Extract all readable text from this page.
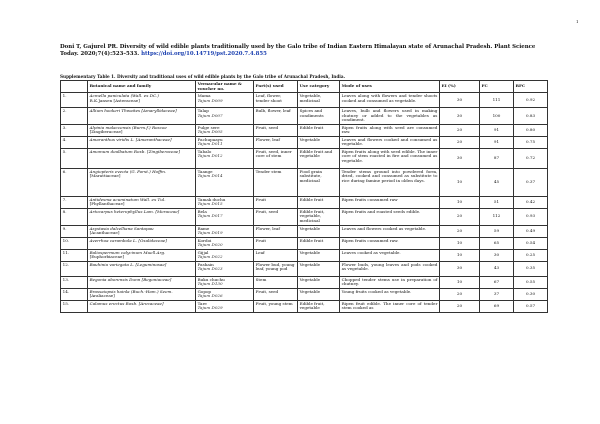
1
Doni T, Gajurel PR. Diversity of wild edible plants traditionally used by the Galo tribe of Indian Eastern Himalayan state of Arunachal Pradesh. Plant Science Today. 2020;7(4):523–533. https://doi.org/10.14719/pst.2020.7.4.855
Supplementary Table 1. Diversity and traditional uses of wild edible plants by the Galo tribe of Arunachal Pradesh, India.
	Botanical name and family	Vernacular name & voucher no.	Part(s) used	Use category	Mode of uses	EI (%)	FC	RFC
1.	Acmella paniculata (Wall. ex DC.)
R.K.Jansen [Asteraceae]	Mama
Tajum D009	Leaf, flower, tender shoot	Vegetable, medicinal	Leaves along with flowers and tender shoots cooked and consumed as vegetable.	30	111	0.92
2.	Allium hookeri Thwaites [Amaryllidaceae]	Talap
Tajum D007	Bulb, flower, leaf	Spices and condiments	Leaves, bulb and flowers used in making chutney or added to the vegetables as condiment.	30	100	0.83
3.	Alpinia malaccensis (Burm.f.) Roscoe
[Zingiberaceae]	Pulge sere
Tajum D005	Fruit, seed	Edible fruit	Ripen fruits along with seed are consumed raw.	20	91	0.80
4.	Amaranthus viridis L. [Amaranthaceae]	Pachupaayu
Tajum D011	Flower, leaf	Vegetable	Leaves and flowers cooked and consumed as vegetable.	20	91	0.75
5.	Amomum dealbatum Roxb. [Zingiberaceae]	Tabalo
Tajum D012	Fruit, seed, inner core of stem	Edible fruit and vegetable	Ripen fruits along with seed edible. The inner core of stem roasted in fire and consumed as vegetable.	30	87	0.72
6.	Angiopteris evecta (G. Forst.) Hoffm.
[Marattiaceae]	Taange
Tajum D014	Tender stem	Food grain substitute, medicinal	Tender stems ground into powdered form, dried, cooked and consumed as substitute to rice during famine period in olden days.	10	45	0.37
7.	Antidesma acuminatum Wall. ex Tul.
[Phyllanthaceae]	Tamak duchu
Tajum D015	Fruit	Edible fruit	Ripen fruits consumed raw	10	51	0.42
8.	Artocarpus heterophyllus Lam. [Moraceae]	Bela
Tajum D017	Fruit, seed	Edible fruit, vegetable, medicinal	Ripen fruits and roasted seeds edible.	20	112	0.93
9.	Asystasia dalzelliana Santapau
[Acanthaceae]	Bame
Tajum D019	Flower, leaf	Vegetable	Leaves and flowers cooked as vegetable.	20	59	0.49
10.	Averrhoa carambola L. [Oxalidaceae]	Kordoi
Tajum D020	Fruit	Edible fruit	Ripen fruits consumed raw.	10	65	0.54
11.	Baliospermum calycinum Muell.Arg.
[Euphorbiaceae]	Gijjal
Tajum D022	Leaf	Vegetable	Leaves cooked as vegetable.	10	30	0.25
12.	Bauhinia variegata L. [Leguminosae]	Pashain
Tajum D023	Flower bud, young leaf, young pod	Vegetable	Flower buds, young leaves and pods cooked as vegetable.	30	43	0.35
13.	Begonia aborensis Dunn [Begoniaceae]	Buku chuchu
Tajum D130	Stem	Vegetable	Chopped tender stems use in preparation of chutney.	10	67	0.55
14.	Brassaiopsis hainla (Buch.-Ham.) Seem.
[Araliaceae]	Gopop
Tajum D026	Fruit, seed	Vegetable	Young fruits cooked as vegetable.	20	37	0.30
15.	Calamus erectus Roxb. [Arecaceae]	Tare
Tajum D029	Fruit, young stem	Edible fruit, vegetable	Ripen fruit edible. The inner core of tender stem cooked as	20	69	0.57
